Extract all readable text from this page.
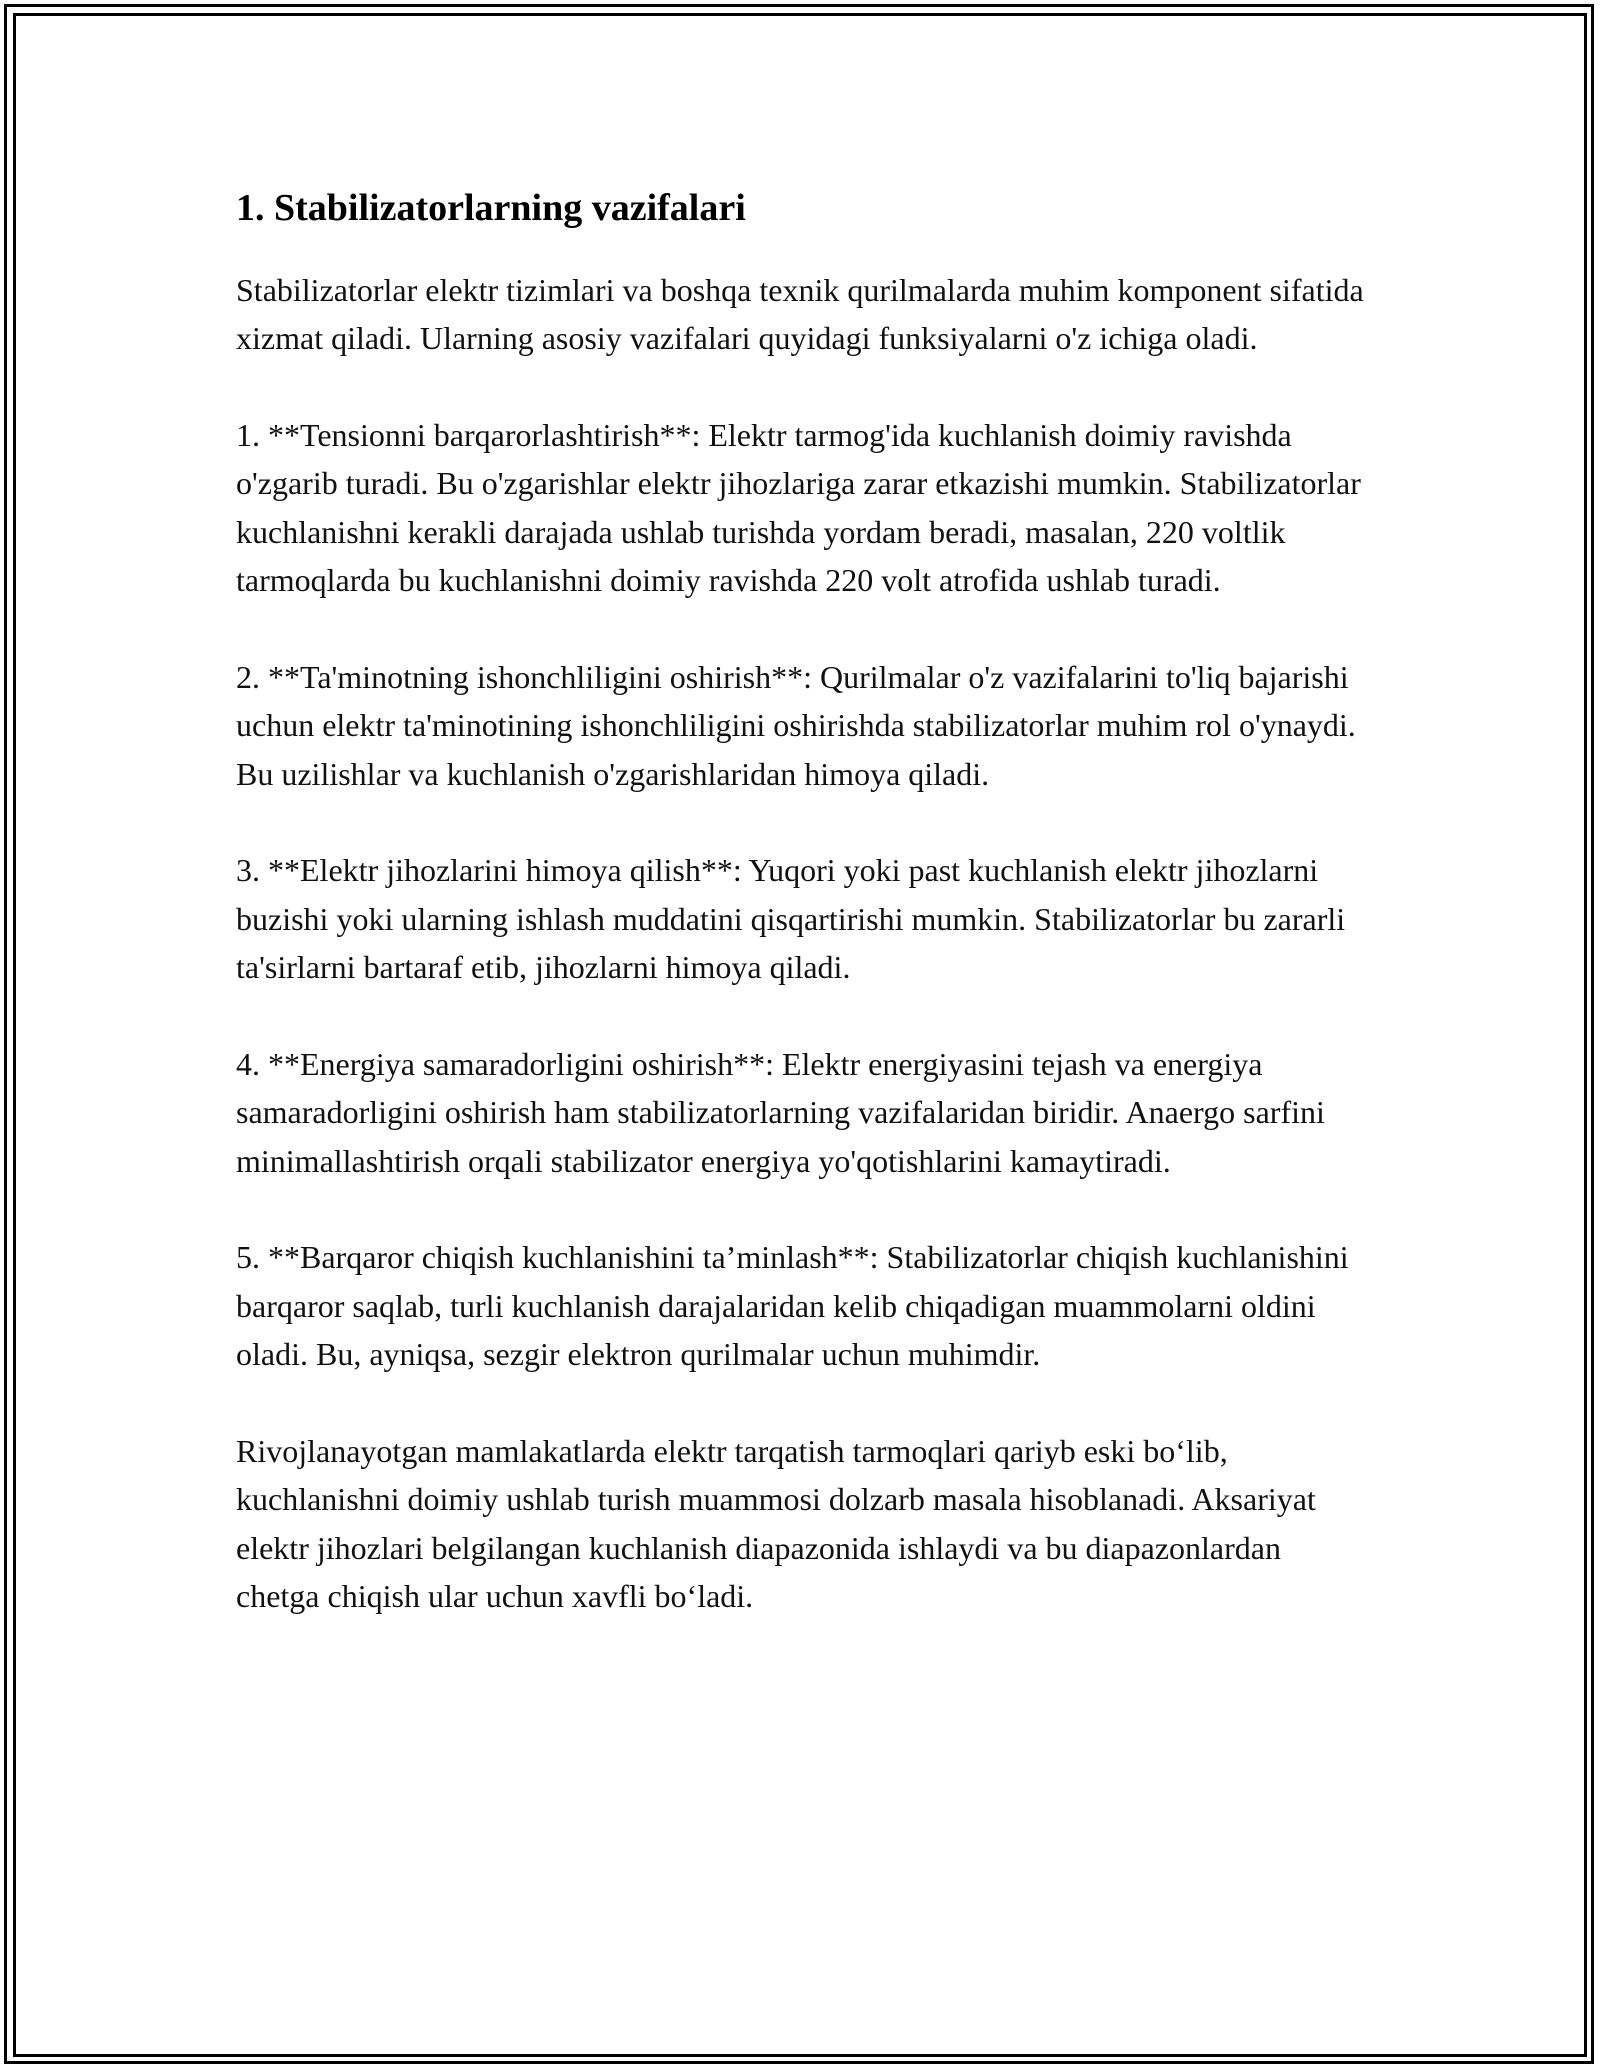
1. Stabilizatorlarning vazifalari

Stabilizatorlar elektr tizimlari va boshqa texnik qurilmalarda muhim komponent sifatida xizmat qiladi. Ularning asosiy vazifalari quyidagi funksiyalarni o'z ichiga oladi.

1. **Tensionni barqarorlashtirish**: Elektr tarmog'ida kuchlanish doimiy ravishda o'zgarib turadi. Bu o'zgarishlar elektr jihozlariga zarar etkazishi mumkin. Stabilizatorlar kuchlanishni kerakli darajada ushlab turishda yordam beradi, masalan, 220 voltlik tarmoqlarda bu kuchlanishni doimiy ravishda 220 volt atrofida ushlab turadi.

2. **Ta'minotning ishonchliligini oshirish**: Qurilmalar o'z vazifalarini to'liq bajarishi uchun elektr ta'minotining ishonchliligini oshirishda stabilizatorlar muhim rol o'ynaydi. Bu uzilishlar va kuchlanish o'zgarishlaridan himoya qiladi.

3. **Elektr jihozlarini himoya qilish**: Yuqori yoki past kuchlanish elektr jihozlarni buzishi yoki ularning ishlash muddatini qisqartirishi mumkin. Stabilizatorlar bu zararli ta'sirlarni bartaraf etib, jihozlarni himoya qiladi.

4. **Energiya samaradorligini oshirish**: Elektr energiyasini tejash va energiya samaradorligini oshirish ham stabilizatorlarning vazifalaridan biridir. Anaergo sarfini minimallashtirish orqali stabilizator energiya yo'qotishlarini kamaytiradi.

5. **Barqaror chiqish kuchlanishini ta’minlash**: Stabilizatorlar chiqish kuchlanishini barqaror saqlab, turli kuchlanish darajalaridan kelib chiqadigan muammolarni oldini oladi. Bu, ayniqsa, sezgir elektron qurilmalar uchun muhimdir.

Rivojlanayotgan mamlakatlarda elektr tarqatish tarmoqlari qariyb eski bo‘lib, kuchlanishni doimiy ushlab turish muammosi dolzarb masala hisoblanadi. Aksariyat elektr jihozlari belgilangan kuchlanish diapazonida ishlaydi va bu diapazonlardan chetga chiqish ular uchun xavfli bo‘ladi.
